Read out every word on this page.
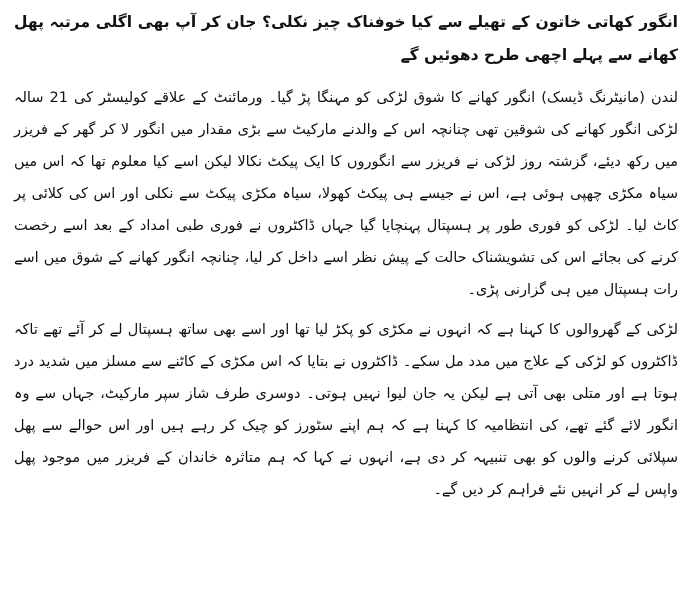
انگور کھاتی خاتون کے تھیلے سے کیا خوفناک چیز نکلی؟ جان کر آپ بھی اگلی مرتبہ پھل کھانے سے پہلے اچھی طرح دھوئیں گے
لندن (مانیٹرنگ ڈیسک) انگور کھانے کا شوق لڑکی کو مہنگا پڑ گیا۔ ورمائنٹ کے علاقے کولیسٹر کی 21 سالہ لڑکی انگور کھانے کی شوقین تھی چنانچہ اس کے والدنے مارکیٹ سے بڑی مقدار میں انگور لا کر گھر کے فریزر میں رکھ دیئے، گزشتہ روز لڑکی نے فریزر سے انگوروں کا ایک پیکٹ نکالا لیکن اسے کیا معلوم تھا کہ اس میں سیاہ مکڑی چھپی ہوئی ہے، اس نے جیسے ہی پیکٹ کھولا، سیاہ مکڑی پیکٹ سے نکلی اور اس کی کلائی پر کاٹ لیا۔ لڑکی کو فوری طور پر ہسپتال پہنچایا گیا جہاں ڈاکٹروں نے فوری طبی امداد کے بعد اسے رخصت کرنے کی بجائے اس کی تشویشناک حالت کے پیش نظر اسے داخل کر لیا، چنانچہ انگور کھانے کے شوق میں اسے رات ہسپتال میں ہی گزارنی پڑی۔
لڑکی کے گھروالوں کا کہنا ہے کہ انہوں نے مکڑی کو پکڑ لیا تھا اور اسے بھی ساتھ ہسپتال لے کر آئے تھے تاکہ ڈاکٹروں کو لڑکی کے علاج میں مدد مل سکے۔ ڈاکٹروں نے بتایا کہ اس مکڑی کے کاٹنے سے مسلز میں شدید درد ہوتا ہے اور متلی بھی آتی ہے لیکن یہ جان لیوا نہیں ہوتی۔ دوسری طرف شاز سپر مارکیٹ، جہاں سے وہ انگور لائے گئے تھے، کی انتظامیہ کا کہنا ہے کہ ہم اپنے سٹورز کو چیک کر رہے ہیں اور اس حوالے سے پھل سپلائی کرنے والوں کو بھی تنبیہہ کر دی ہے، انہوں نے کہا کہ ہم متاثرہ خاندان کے فریزر میں موجود پھل واپس لے کر انہیں نئے فراہم کر دیں گے۔
